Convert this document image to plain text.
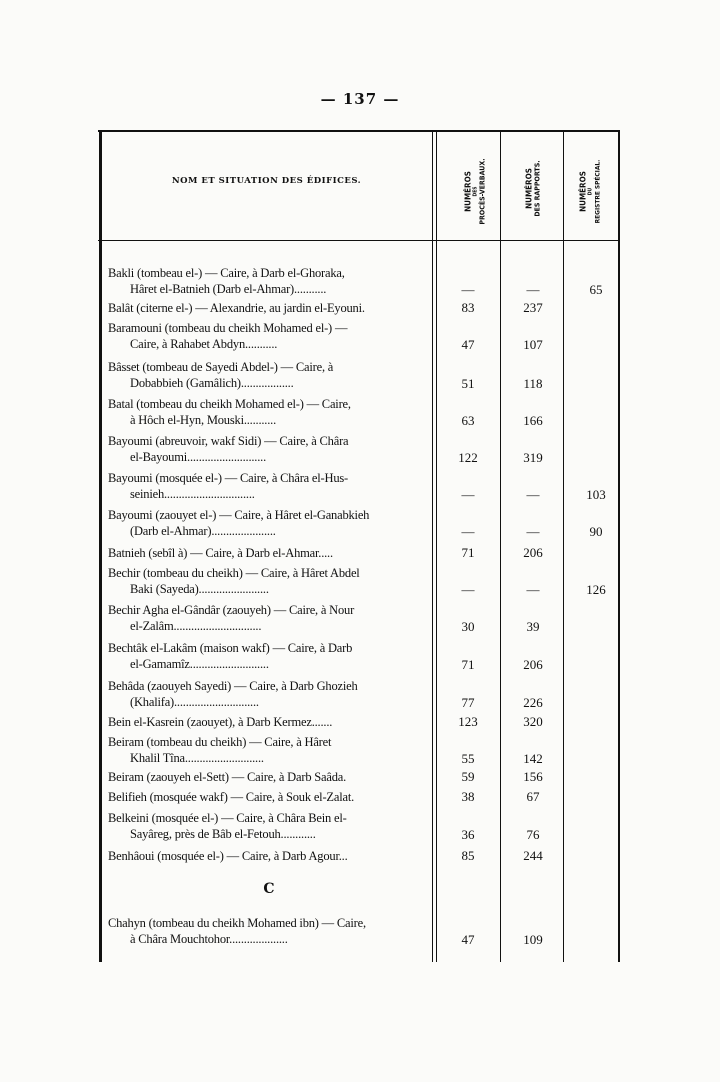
— 137 —
NOM ET SITUATION DES ÉDIFICES.	NUMÉROS DES PROCÈS-VERBAUX.	NUMÉROS DES RAPPORTS.	NUMÉROS DU REGISTRE SPÉCIAL.
Bakli (tombeau el-) — Caire, à Darb el-Ghoraka,
Hâret el-Batnieh (Darb el-Ahmar)...........	—	—	65
Balât (citerne el-) — Alexandrie, au jardin el-Eyouni.	83	237
Baramouni (tombeau du cheikh Mohamed el-) —
Caire, à Rahabet Abdyn...........	47	107
Bâsset (tombeau de Sayedi Abdel-) — Caire, à
Dobabbieh (Gamâlich)..................	51	118
Batal (tombeau du cheikh Mohamed el-) — Caire,
à Hôch el-Hyn, Mouski...........	63	166
Bayoumi (abreuvoir, wakf Sidi) — Caire, à Châra
el-Bayoumi...........................	122	319
Bayoumi (mosquée el-) — Caire, à Châra el-Hus-
seinieh...............................	—	—	103
Bayoumi (zaouyet el-) — Caire, à Hâret el-Ganabkieh
(Darb el-Ahmar)......................	—	—	90
Batnieh (sebîl à) — Caire, à Darb el-Ahmar.....	71	206
Bechir (tombeau du cheikh) — Caire, à Hâret Abdel
Baki (Sayeda)........................	—	—	126
Bechir Agha el-Gândâr (zaouyeh) — Caire, à Nour
el-Zalâm..............................	30	39
Bechtâk el-Lakâm (maison wakf) — Caire, à Darb
el-Gamamîz...........................	71	206
Behâda (zaouyeh Sayedi) — Caire, à Darb Ghozieh
(Khalifa).............................	77	226
Bein el-Kasrein (zaouyet), à Darb Kermez.......	123	320
Beiram (tombeau du cheikh) — Caire, à Hâret
Khalil Tîna...........................	55	142
Beiram (zaouyeh el-Sett) — Caire, à Darb Saâda.	59	156
Belifieh (mosquée wakf) — Caire, à Souk el-Zalat.	38	67
Belkeini (mosquée el-) — Caire, à Châra Bein el-
Sayâreg, près de Bâb el-Fetouh............	36	76
Benhâoui (mosquée el-) — Caire, à Darb Agour...	85	244
C
Chahyn (tombeau du cheikh Mohamed ibn) — Caire,
à Châra Mouchtohor....................	47	109
